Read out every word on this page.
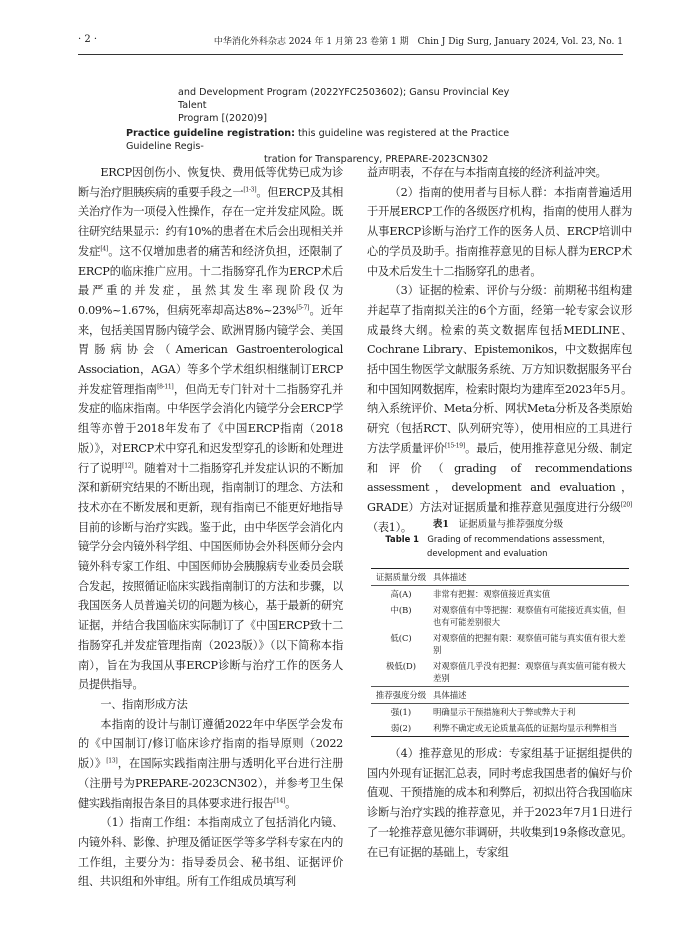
· 2 ·	中华消化外科杂志 2024 年 1 月第 23 卷第 1 期　Chin J Dig Surg, January 2024, Vol. 23, No. 1
and Development Program (2022YFC2503602); Gansu Provincial Key Talent
Program [(2020)9]
Practice guideline registration: this guideline was registered at the Practice Guideline Regis-
tration for Transparency, PREPARE-2023CN302

ERCP因创伤小、恢复快、费用低等优势已成为诊断与治疗胆胰疾病的重要手段之一[1-3]。但ERCP及其相关治疗作为一项侵入性操作，存在一定并发症风险。既往研究结果显示：约有10%的患者在术后会出现相关并发症[4]。这不仅增加患者的痛苦和经济负担，还限制了ERCP的临床推广应用。十二指肠穿孔作为ERCP术后最严重的并发症，虽然其发生率现阶段仅为0.09%~1.67%，但病死率却高达8%~23%[5-7]。近年来，包括美国胃肠内镜学会、欧洲胃肠内镜学会、美国胃肠病协会（American Gastroenterological Association，AGA）等多个学术组织相继制订ERCP并发症管理指南[8-11]，但尚无专门针对十二指肠穿孔并发症的临床指南。中华医学会消化内镜学分会ERCP学组等亦曾于2018年发布了《中国ERCP指南（2018版）》，对ERCP术中穿孔和迟发型穿孔的诊断和处理进行了说明[12]。随着对十二指肠穿孔并发症认识的不断加深和新研究结果的不断出现，指南制订的理念、方法和技术亦在不断发展和更新，现有指南已不能更好地指导目前的诊断与治疗实践。鉴于此，由中华医学会消化内镜学分会内镜外科学组、中国医师协会外科医师分会内镜外科专家工作组、中国医师协会胰腺病专业委员会联合发起，按照循证临床实践指南制订的方法和步骤，以我国医务人员普遍关切的问题为核心，基于最新的研究证据，并结合我国临床实际制订了《中国ERCP致十二指肠穿孔并发症管理指南（2023版）》（以下简称本指南），旨在为我国从事ERCP诊断与治疗工作的医务人员提供指导。

一、指南形成方法

本指南的设计与制订遵循2022年中华医学会发布的《中国制订/修订临床诊疗指南的指导原则（2022版）》[13]，在国际实践指南注册与透明化平台进行注册（注册号为PREPARE-2023CN302），并参考卫生保健实践指南报告条目的具体要求进行报告[14]。

（1）指南工作组：本指南成立了包括消化内镜、内镜外科、影像、护理及循证医学等多学科专家在内的工作组，主要分为：指导委员会、秘书组、证据评价组、共识组和外审组。所有工作组成员填写利

益声明表，不存在与本指南直接的经济利益冲突。

（2）指南的使用者与目标人群：本指南普遍适用于开展ERCP工作的各级医疗机构，指南的使用人群为从事ERCP诊断与治疗工作的医务人员、ERCP培训中心的学员及助手。指南推荐意见的目标人群为ERCP术中及术后发生十二指肠穿孔的患者。

（3）证据的检索、评价与分级：前期秘书组构建并起草了指南拟关注的6个方面，经第一轮专家会议形成最终大纲。检索的英文数据库包括MEDLINE、Cochrane Library、Epistemonikos，中文数据库包括中国生物医学文献服务系统、万方知识数据服务平台和中国知网数据库，检索时限均为建库至2023年5月。纳入系统评价、Meta分析、网状Meta分析及各类原始研究（包括RCT、队列研究等），使用相应的工具进行方法学质量评价[15-19]。最后，使用推荐意见分级、制定和评价（grading of recommendations assessment，development and evaluation，GRADE）方法对证据质量和推荐意见强度进行分级[20]（表1）。	表1　 证据质量与推荐强度分级
Table 1　 Grading of recommendations assessment，
development and evaluation
证据质量分级	具体描述
高(A)	非常有把握：观察值接近真实值
中(B)	对观察值有中等把握：观察值有可能接近真实值，但也有可能差别很大
低(C)	对观察值的把握有限：观察值可能与真实值有很大差别
极低(D)	对观察值几乎没有把握：观察值与真实值可能有极大差别
推荐强度分级	具体描述
强(1)	明确显示干预措施利大于弊或弊大于利
弱(2)	利弊不确定或无论质量高低的证据均显示利弊相当

（4）推荐意见的形成：专家组基于证据组提供的国内外现有证据汇总表，同时考虑我国患者的偏好与价值观、干预措施的成本和利弊后，初拟出符合我国临床诊断与治疗实践的推荐意见，并于2023年7月1日进行了一轮推荐意见德尔菲调研，共收集到19条修改意见。在已有证据的基础上，专家组
